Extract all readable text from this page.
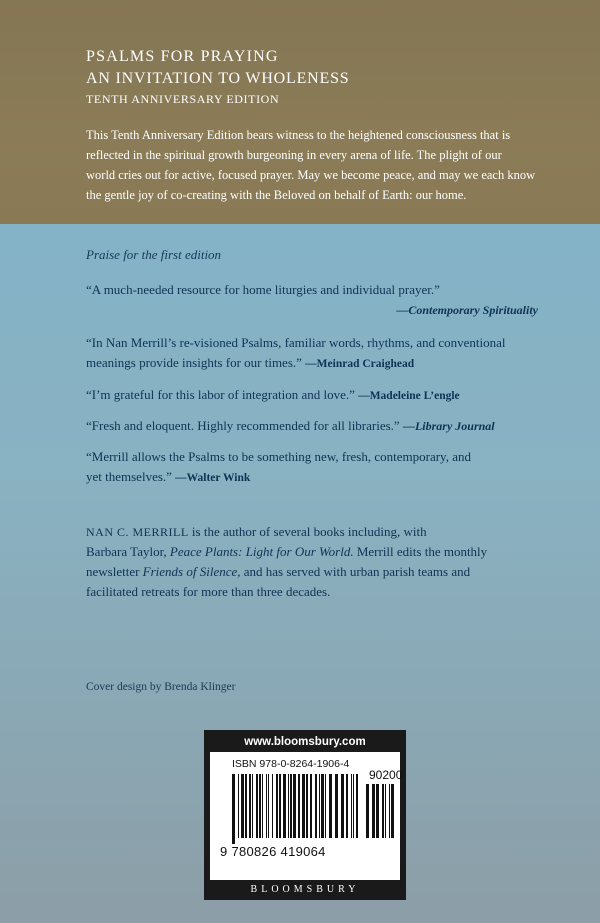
PSALMS FOR PRAYING
AN INVITATION TO WHOLENESS
TENTH ANNIVERSARY EDITION

This Tenth Anniversary Edition bears witness to the heightened consciousness that is

reflected in the spiritual growth burgeoning in every arena of life. The plight of our

world cries out for active, focused prayer. May we become peace, and may we each know

the gentle joy of co-creating with the Beloved on behalf of Earth: our home.

Praise for the first edition

“A much-needed resource for home liturgies and individual prayer.”

—Contemporary Spirituality

“In Nan Merrill’s re-visioned Psalms, familiar words, rhythms, and conventional

meanings provide insights for our times.” —Meinrad Craighead

“I’m grateful for this labor of integration and love.” —Madeleine L’engle

“Fresh and eloquent. Highly recommended for all libraries.” —Library Journal

“Merrill allows the Psalms to be something new, fresh, contemporary, and

yet themselves.” —Walter Wink

NAN C. MERRILL is the author of several books including, with

Barbara Taylor, Peace Plants: Light for Our World. Merrill edits the monthly

newsletter Friends of Silence, and has served with urban parish teams and

facilitated retreats for more than three decades.

Cover design by Brenda Klinger
www.bloomsbury.com
ISBN 978-0-8264-1906-4
90200
9 780826 419064
BLOOMSBURY
